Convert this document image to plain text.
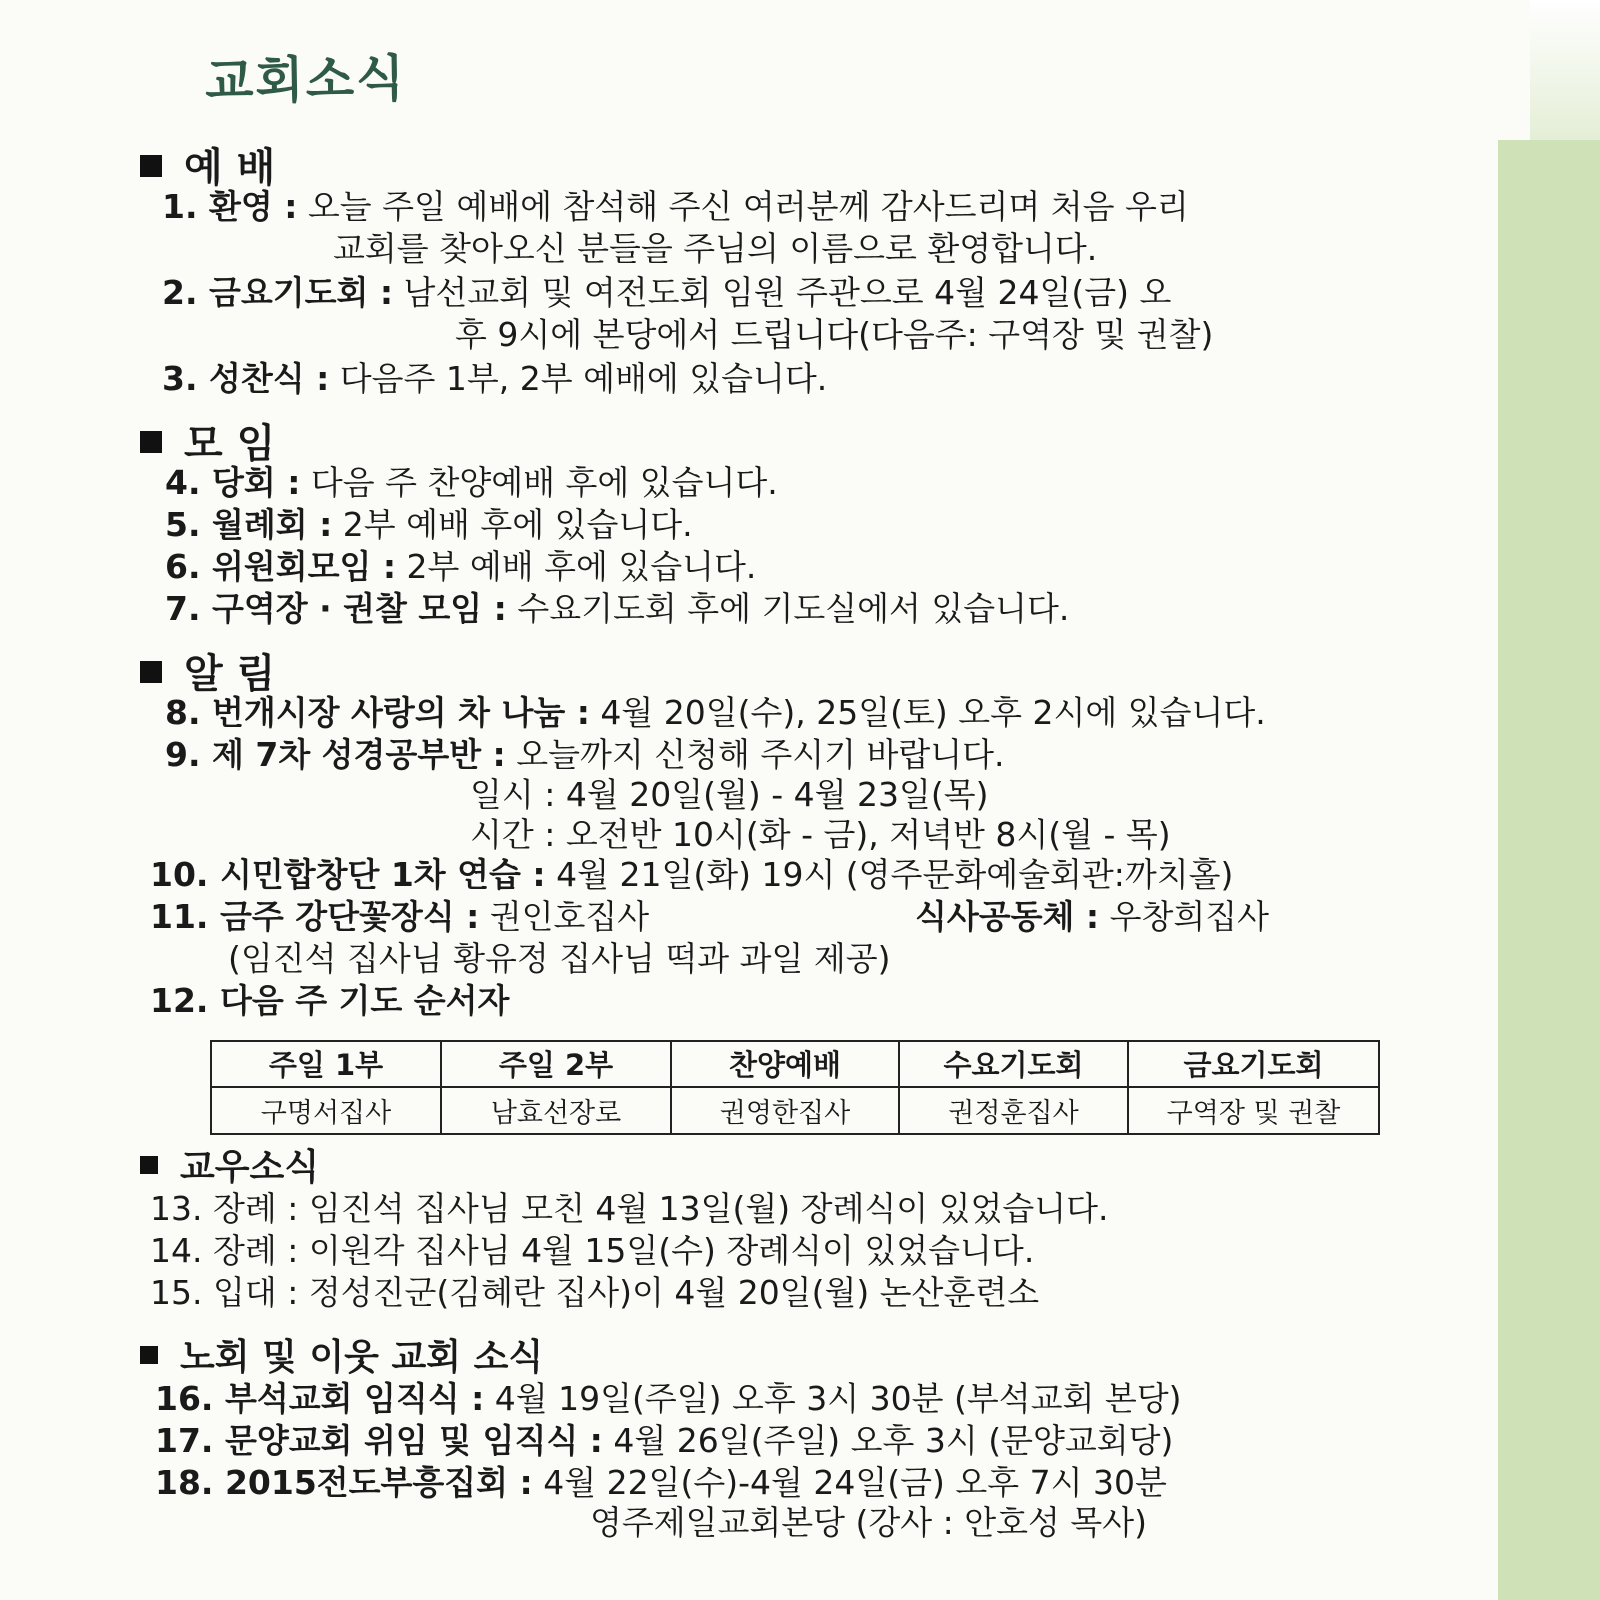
교회소식
예 배
1. 환영 : 오늘 주일 예배에 참석해 주신 여러분께 감사드리며 처음 우리
교회를 찾아오신 분들을 주님의 이름으로 환영합니다.
2. 금요기도회 : 남선교회 및 여전도회 임원 주관으로 4월 24일(금) 오
후 9시에 본당에서 드립니다(다음주: 구역장 및 권찰)
3. 성찬식 : 다음주 1부, 2부 예배에 있습니다.
모 임
4. 당회 : 다음 주 찬양예배 후에 있습니다.
5. 월례회 : 2부 예배 후에 있습니다.
6. 위원회모임 : 2부 예배 후에 있습니다.
7. 구역장 · 권찰 모임 : 수요기도회 후에 기도실에서 있습니다.
알 림
8. 번개시장 사랑의 차 나눔 : 4월 20일(수), 25일(토) 오후 2시에 있습니다.
9. 제 7차 성경공부반 : 오늘까지 신청해 주시기 바랍니다.
일시 : 4월 20일(월) - 4월 23일(목)
시간 : 오전반 10시(화 - 금), 저녁반 8시(월 - 목)
10. 시민합창단 1차 연습 : 4월 21일(화) 19시 (영주문화예술회관:까치홀)
11. 금주 강단꽃장식 : 권인호집사	식사공동체 : 우창희집사
(임진석 집사님 황유정 집사님 떡과 과일 제공)
12. 다음 주 기도 순서자
주일 1부	주일 2부	찬양예배	수요기도회	금요기도회
구명서집사	남효선장로	권영한집사	권정훈집사	구역장 및 권찰
교우소식
13. 장례 : 임진석 집사님 모친 4월 13일(월) 장례식이 있었습니다.
14. 장례 : 이원각 집사님 4월 15일(수) 장례식이 있었습니다.
15. 입대 : 정성진군(김혜란 집사)이 4월 20일(월) 논산훈련소
노회 및 이웃 교회 소식
16. 부석교회 임직식 : 4월 19일(주일) 오후 3시 30분 (부석교회 본당)
17. 문양교회 위임 및 임직식 : 4월 26일(주일) 오후 3시 (문양교회당)
18. 2015전도부흥집회 : 4월 22일(수)-4월 24일(금) 오후 7시 30분
영주제일교회본당 (강사 : 안호성 목사)
